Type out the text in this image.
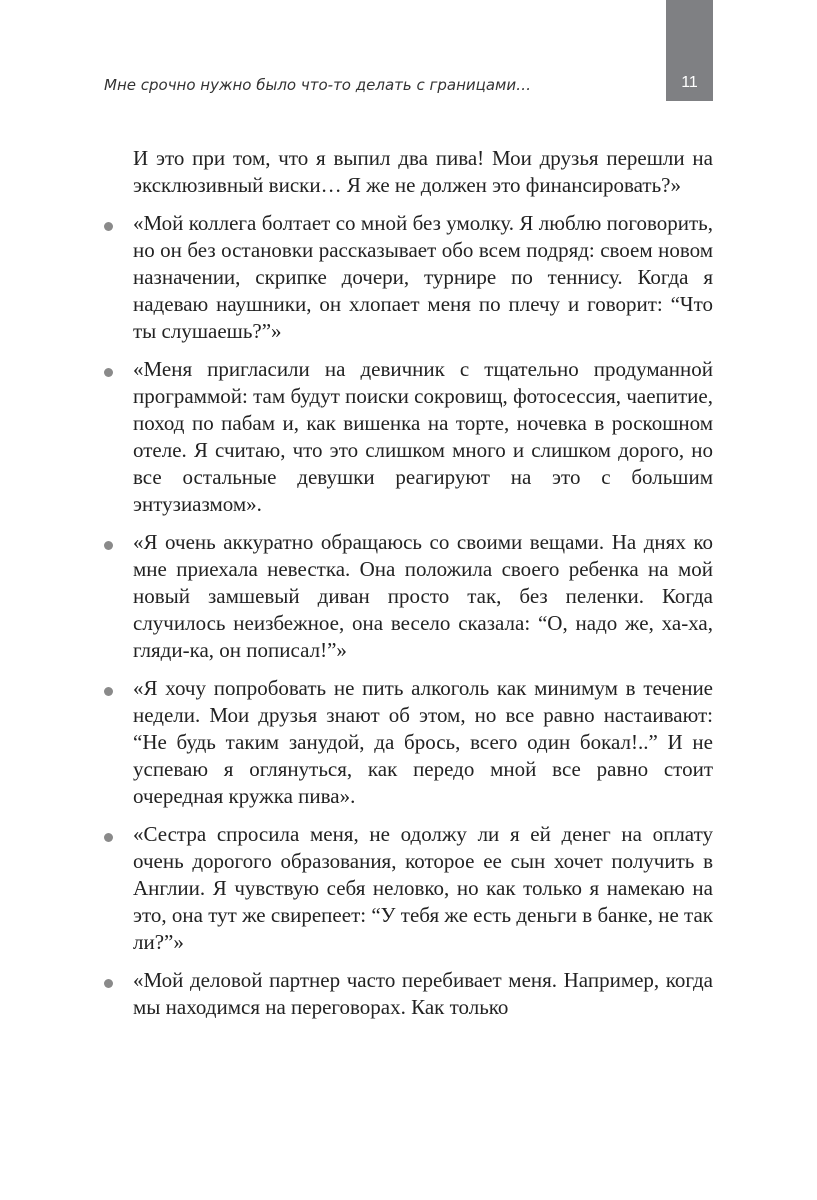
Мне срочно нужно было что-то делать с границами…	11

И это при том, что я выпил два пива! Мои друзья перешли на эксклюзивный виски… Я же не должен это финансировать?»

«Мой коллега болтает со мной без умолку. Я люблю поговорить, но он без остановки рассказывает обо всем подряд: своем новом назначении, скрипке дочери, турнире по теннису. Когда я надеваю наушники, он хлопает меня по плечу и говорит: “Что ты слушаешь?”»
«Меня пригласили на девичник с тщательно продуманной программой: там будут поиски сокровищ, фотосессия, чаепитие, поход по пабам и, как вишенка на торте, ночевка в роскошном отеле. Я считаю, что это слишком много и слишком дорого, но все остальные девушки реагируют на это с большим энтузиазмом».
«Я очень аккуратно обращаюсь со своими вещами. На днях ко мне приехала невестка. Она положила своего ребенка на мой новый замшевый диван просто так, без пеленки. Когда случилось неизбежное, она весело сказала: “О, надо же, ха-ха, гляди-ка, он пописал!”»
«Я хочу попробовать не пить алкоголь как минимум в течение недели. Мои друзья знают об этом, но все равно настаивают: “Не будь таким занудой, да брось, всего один бокал!..” И не успеваю я оглянуться, как передо мной все равно стоит очередная кружка пива».
«Сестра спросила меня, не одолжу ли я ей денег на оплату очень дорогого образования, которое ее сын хочет получить в Англии. Я чувствую себя неловко, но как только я намекаю на это, она тут же свирепеет: “У тебя же есть деньги в банке, не так ли?”»
«Мой деловой партнер часто перебивает меня. Например, когда мы находимся на переговорах. Как только
